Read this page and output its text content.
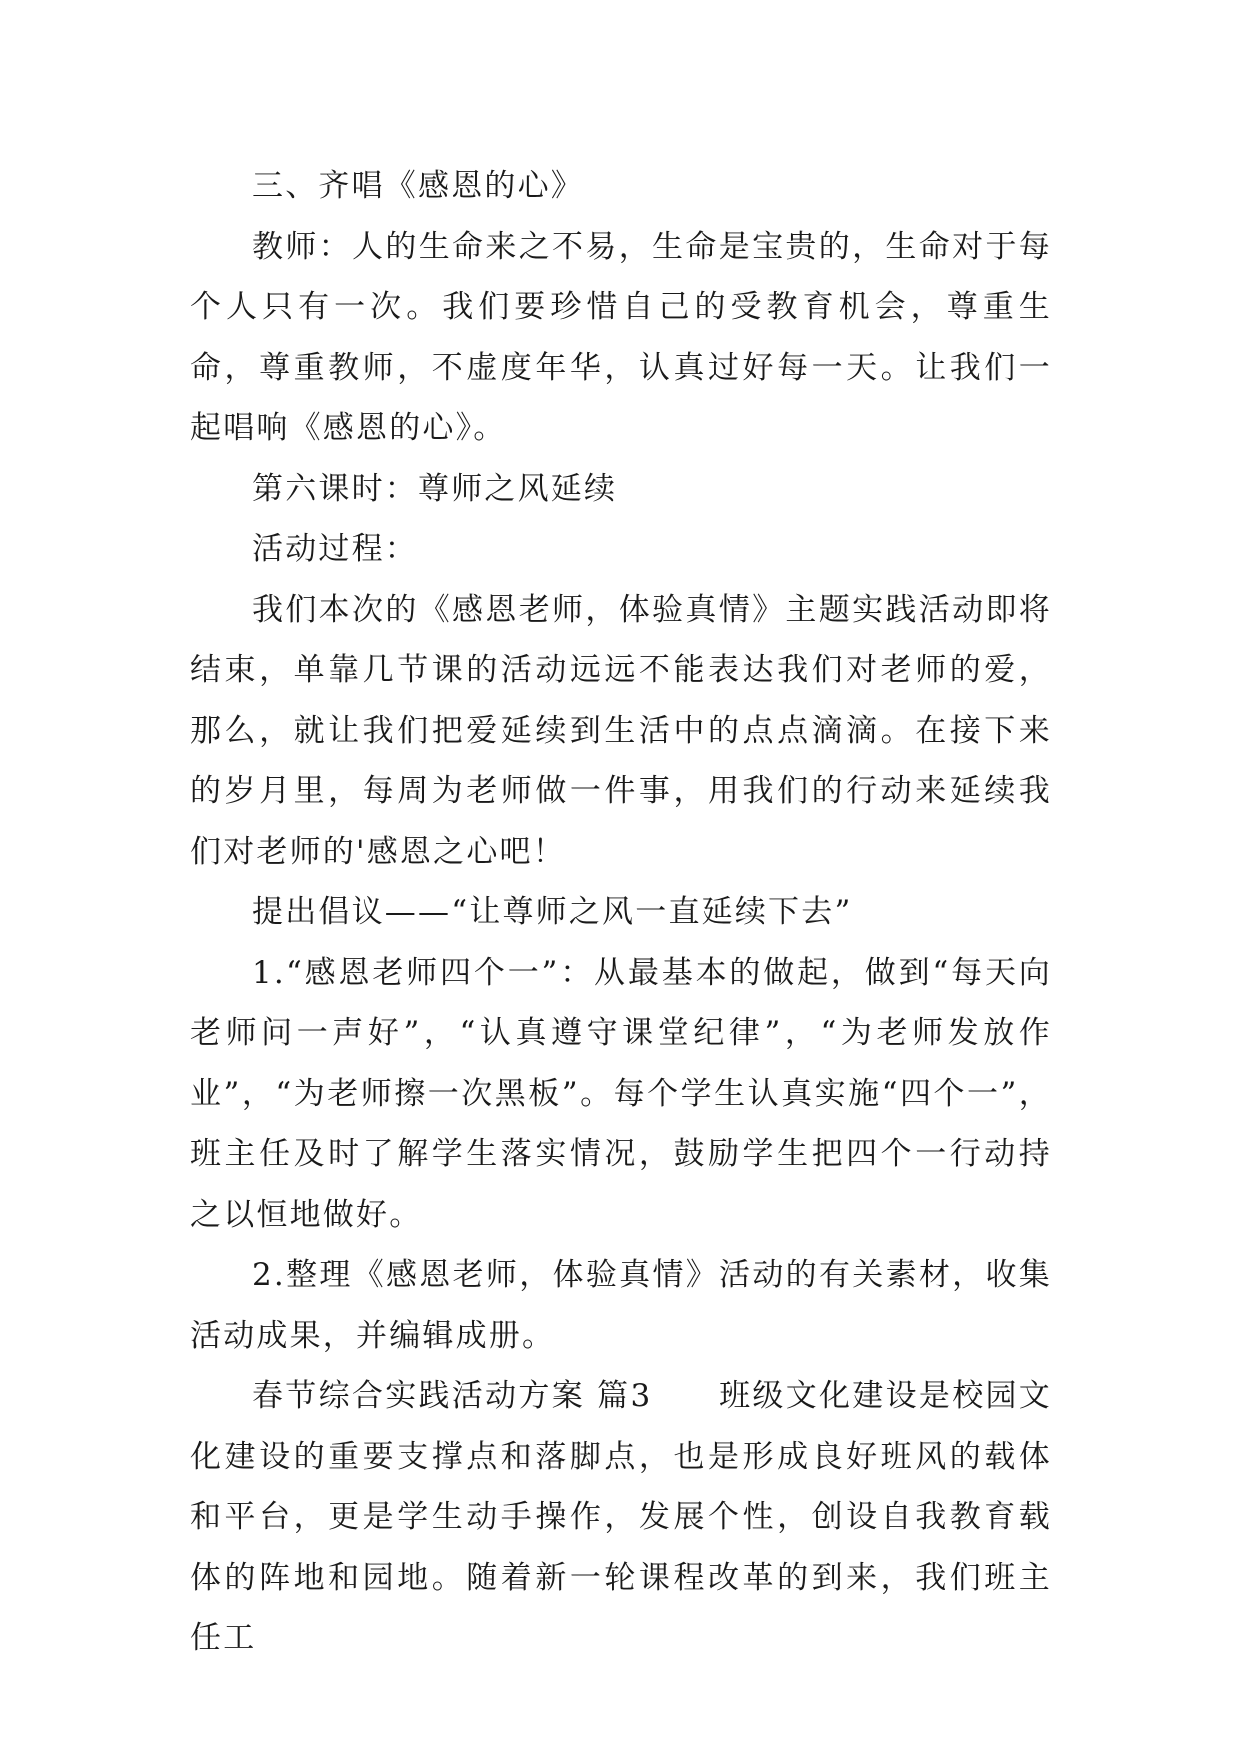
三、齐唱《感恩的心》

教师：人的生命来之不易，生命是宝贵的，生命对于每个人只有一次。我们要珍惜自己的受教育机会，尊重生命，尊重教师，不虚度年华，认真过好每一天。让我们一起唱响《感恩的心》。

第六课时：尊师之风延续

活动过程：

我们本次的《感恩老师，体验真情》主题实践活动即将结束，单靠几节课的活动远远不能表达我们对老师的爱，那么，就让我们把爱延续到生活中的点点滴滴。在接下来的岁月里，每周为老师做一件事，用我们的行动来延续我们对老师的'感恩之心吧！

提出倡议——“让尊师之风一直延续下去”

1.“感恩老师四个一”：从最基本的做起，做到“每天向老师问一声好”，“认真遵守课堂纪律”，“为老师发放作业”，“为老师擦一次黑板”。每个学生认真实施“四个一”，班主任及时了解学生落实情况，鼓励学生把四个一行动持之以恒地做好。

2.整理《感恩老师，体验真情》活动的有关素材，收集活动成果，并编辑成册。

春节综合实践活动方案 篇3　　班级文化建设是校园文化建设的重要支撑点和落脚点，也是形成良好班风的载体和平台，更是学生动手操作，发展个性，创设自我教育载体的阵地和园地。随着新一轮课程改革的到来，我们班主任工
